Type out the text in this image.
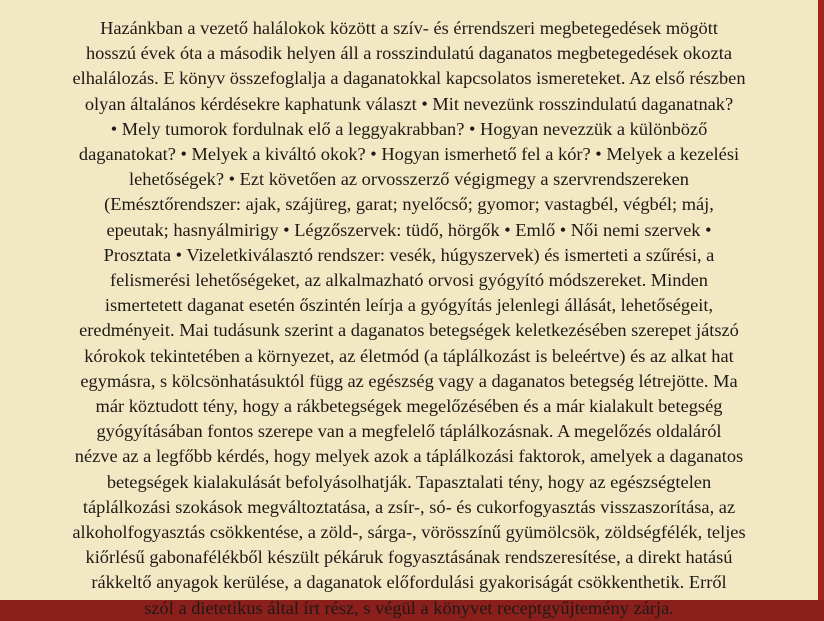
Hazánkban a vezető halálokok között a szív- és érrendszeri megbetegedések mögött
hosszú évek óta a második helyen áll a rosszindulatú daganatos megbetegedések okozta
elhalálozás. E könyv összefoglalja a daganatokkal kapcsolatos ismereteket. Az első részben
olyan általános kérdésekre kaphatunk választ • Mit nevezünk rosszindulatú daganatnak?
• Mely tumorok fordulnak elő a leggyakrabban? • Hogyan nevezzük a különböző
daganatokat? • Melyek a kiváltó okok? • Hogyan ismerhető fel a kór? • Melyek a kezelési
lehetőségek? • Ezt követően az orvosszerző végigmegy a szervrendszereken
(Emésztőrendszer: ajak, szájüreg, garat; nyelőcső; gyomor; vastagbél, végbél; máj,
epeutak; hasnyálmirigy • Légzőszervek: tüdő, hörgők • Emlő • Női nemi szervek •
Prosztata • Vizeletkiválasztó rendszer: vesék, húgyszervek) és ismerteti a szűrési, a
felismerési lehetőségeket, az alkalmazható orvosi gyógyító módszereket. Minden
ismertetett daganat esetén őszintén leírja a gyógyítás jelenlegi állását, lehetőségeit,
eredményeit. Mai tudásunk szerint a daganatos betegségek keletkezésében szerepet játszó
kórokok tekintetében a környezet, az életmód (a táplálkozást is beleértve) és az alkat hat
egymásra, s kölcsönhatásuktól függ az egészség vagy a daganatos betegség létrejötte. Ma
már köztudott tény, hogy a rákbetegségek megelőzésében és a már kialakult betegség
gyógyításában fontos szerepe van a megfelelő táplálkozásnak. A megelőzés oldaláról
nézve az a legfőbb kérdés, hogy melyek azok a táplálkozási faktorok, amelyek a daganatos
betegségek kialakulását befolyásolhatják. Tapasztalati tény, hogy az egészségtelen
táplálkozási szokások megváltoztatása, a zsír-, só- és cukorfogyasztás visszaszorítása, az
alkoholfogyasztás csökkentése, a zöld-, sárga-, vörösszínű gyümölcsök, zöldségfélék, teljes
kiőrlésű gabonafélékből készült pékáruk fogyasztásának rendszeresítése, a direkt hatású
rákkeltő anyagok kerülése, a daganatok előfordulási gyakoriságát csökkenthetik. Erről
szól a dietetikus által írt rész, s végül a könyvet receptgyűjtemény zárja.
